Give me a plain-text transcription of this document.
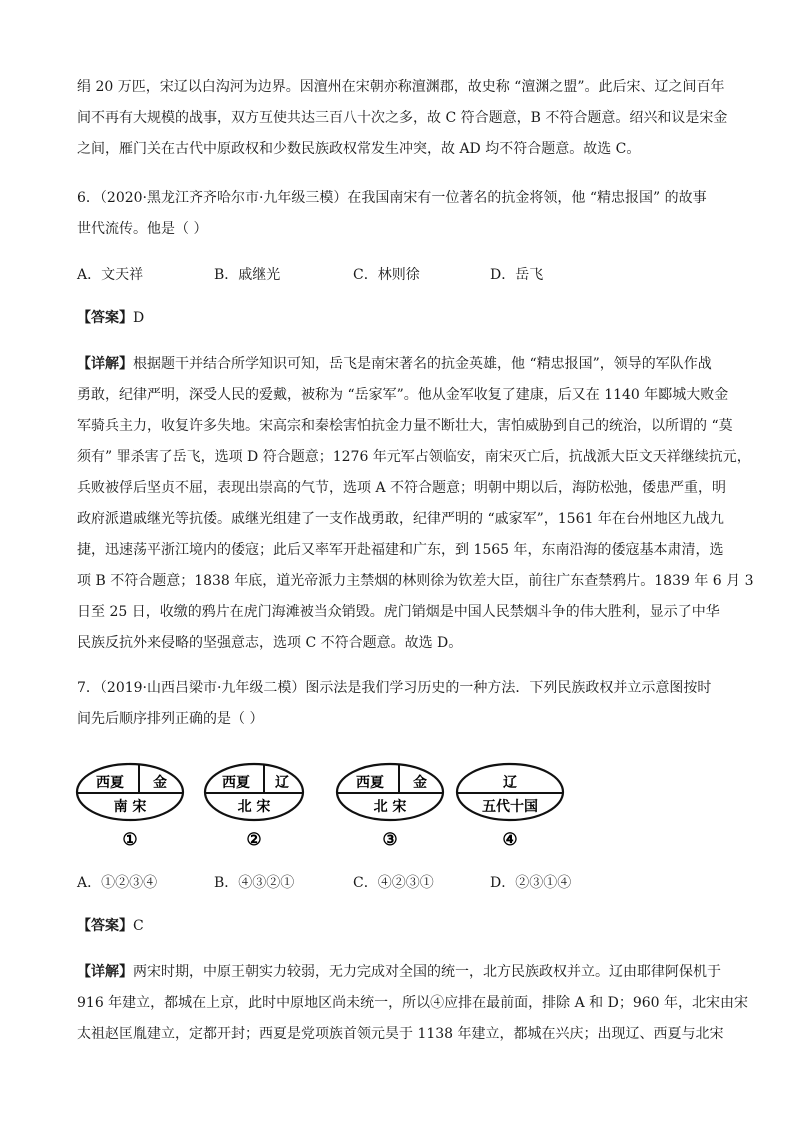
绢 20 万匹，宋辽以白沟河为边界。因澶州在宋朝亦称澶渊郡，故史称 “澶渊之盟”。此后宋、辽之间百年
间不再有大规模的战事，双方互使共达三百八十次之多，故 C 符合题意，B 不符合题意。绍兴和议是宋金
之间，雁门关在古代中原政权和少数民族政权常发生冲突，故 AD 均不符合题意。故选 C。
6．（2020·黑龙江齐齐哈尔市·九年级三模）在我国南宋有一位著名的抗金将领，他 “精忠报国” 的故事
世代流传。他是（ ）
A．文天祥	B．戚继光	C．林则徐	D．岳飞
【答案】D
【详解】根据题干并结合所学知识可知，岳飞是南宋著名的抗金英雄，他 “精忠报国”，领导的军队作战
勇敢，纪律严明，深受人民的爱戴，被称为 “岳家军”。他从金军收复了建康，后又在 1140 年郾城大败金
军骑兵主力，收复许多失地。宋高宗和秦桧害怕抗金力量不断壮大，害怕威胁到自己的统治，以所谓的 “莫
须有” 罪杀害了岳飞，选项 D 符合题意；1276 年元军占领临安，南宋灭亡后，抗战派大臣文天祥继续抗元，
兵败被俘后坚贞不屈，表现出崇高的气节，选项 A 不符合题意；明朝中期以后，海防松弛，倭患严重，明
政府派遣戚继光等抗倭。戚继光组建了一支作战勇敢，纪律严明的 “戚家军”，1561 年在台州地区九战九
捷，迅速荡平浙江境内的倭寇；此后又率军开赴福建和广东，到 1565 年，东南沿海的倭寇基本肃清，选
项 B 不符合题意；1838 年底，道光帝派力主禁烟的林则徐为钦差大臣，前往广东查禁鸦片。1839 年 6 月 3
日至 25 日，收缴的鸦片在虎门海滩被当众销毁。虎门销烟是中国人民禁烟斗争的伟大胜利，显示了中华
民族反抗外来侵略的坚强意志，选项 C 不符合题意。故选 D。
7．（2019·山西吕梁市·九年级二模）图示法是我们学习历史的一种方法．下列民族政权并立示意图按时
间先后顺序排列正确的是（ ）
西夏 金
南 宋
①
西夏 辽
北 宋
②
西夏 金
北 宋
③
辽
五代十国
④
A．①②③④	B．④③②①	C．④②③①	D．②③①④
【答案】C
【详解】两宋时期，中原王朝实力较弱，无力完成对全国的统一，北方民族政权并立。辽由耶律阿保机于
916 年建立，都城在上京，此时中原地区尚未统一，所以④应排在最前面，排除 A 和 D；960 年，北宋由宋
太祖赵匡胤建立，定都开封；西夏是党项族首领元昊于 1138 年建立，都城在兴庆；出现辽、西夏与北宋
